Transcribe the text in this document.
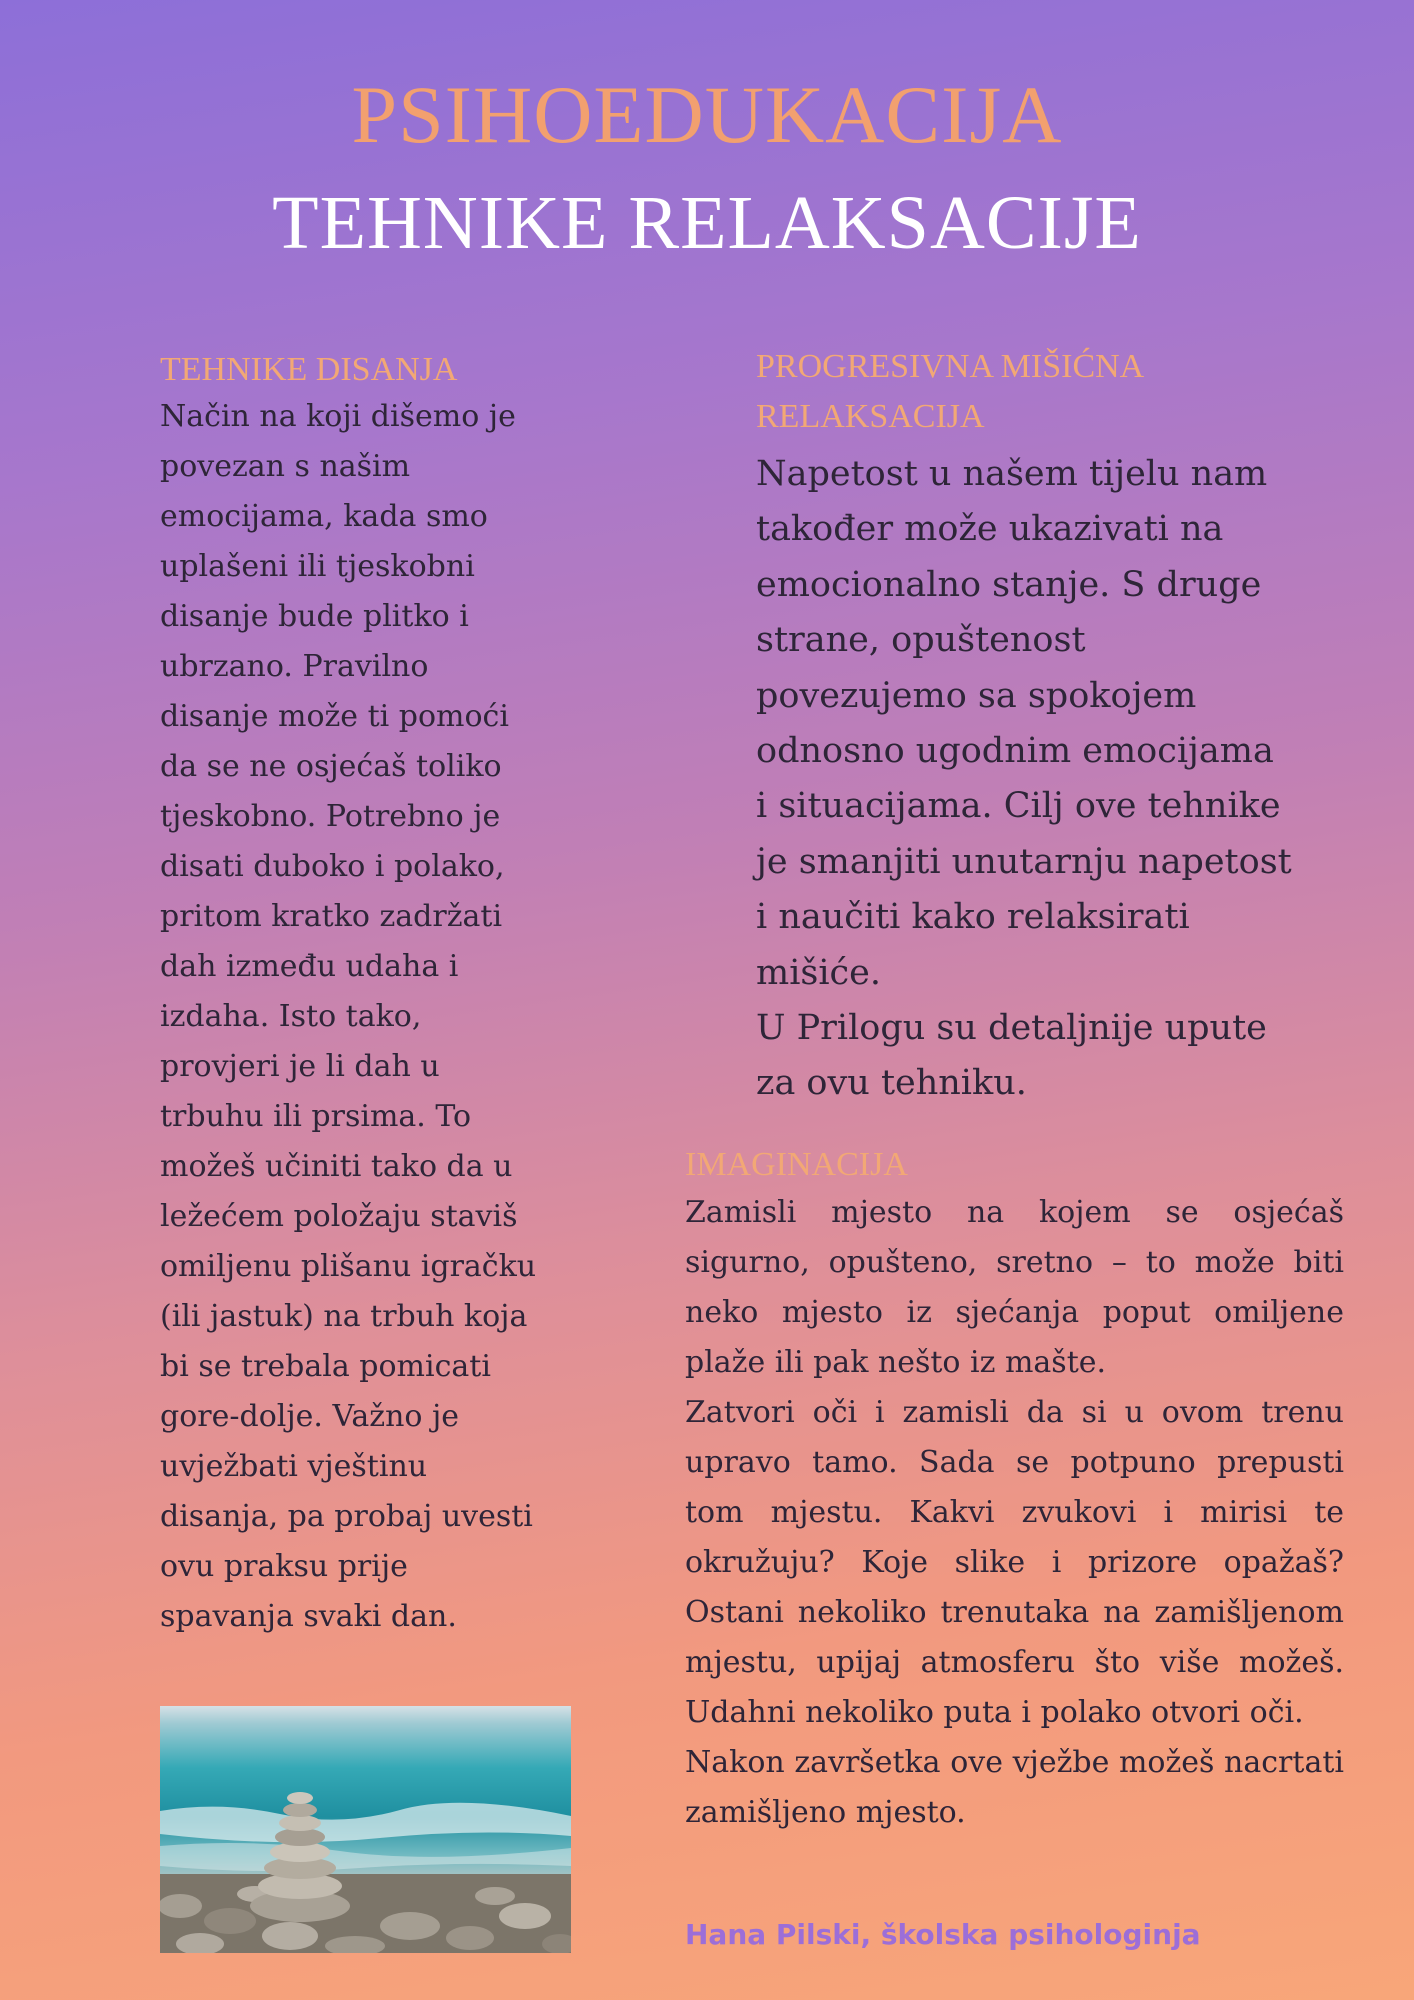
PSIHOEDUKACIJA
TEHNIKE RELAKSACIJE
TEHNIKE DISANJA

Način na koji dišemo je povezan s našim emocijama, kada smo uplašeni ili tjeskobni disanje bude plitko i ubrzano. Pravilno disanje može ti pomoći da se ne osjećaš toliko tjeskobno. Potrebno je disati duboko i polako, pritom kratko zadržati dah između udaha i izdaha. Isto tako, provjeri je li dah u trbuhu ili prsima. To možeš učiniti tako da u ležećem položaju staviš omiljenu plišanu igračku (ili jastuk) na trbuh koja bi se trebala pomicati gore-dolje. Važno je uvježbati vještinu disanja, pa probaj uvesti ovu praksu prije spavanja svaki dan.

PROGRESIVNA MIŠIĆNA
RELAKSACIJA

Napetost u našem tijelu nam također može ukazivati na emocionalno stanje. S druge strane, opuštenost povezujemo sa spokojem odnosno ugodnim emocijama i situacijama. Cilj ove tehnike je smanjiti unutarnju napetost i naučiti kako relaksirati mišiće.

U Prilogu su detaljnije upute za ovu tehniku.

IMAGINACIJA

Zamisli mjesto na kojem se osjećaš sigurno, opušteno, sretno – to može biti neko mjesto iz sjećanja poput omiljene plaže ili pak nešto iz mašte.

Zatvori oči i zamisli da si u ovom trenu upravo tamo. Sada se potpuno prepusti tom mjestu. Kakvi zvukovi i mirisi te okružuju? Koje slike i prizore opažaš? Ostani nekoliko trenutaka na zamišljenom mjestu, upijaj atmosferu što više možeš. Udahni nekoliko puta i polako otvori oči.

Nakon završetka ove vježbe možeš nacrtati zamišljeno mjesto.

Hana Pilski, školska psihologinja
